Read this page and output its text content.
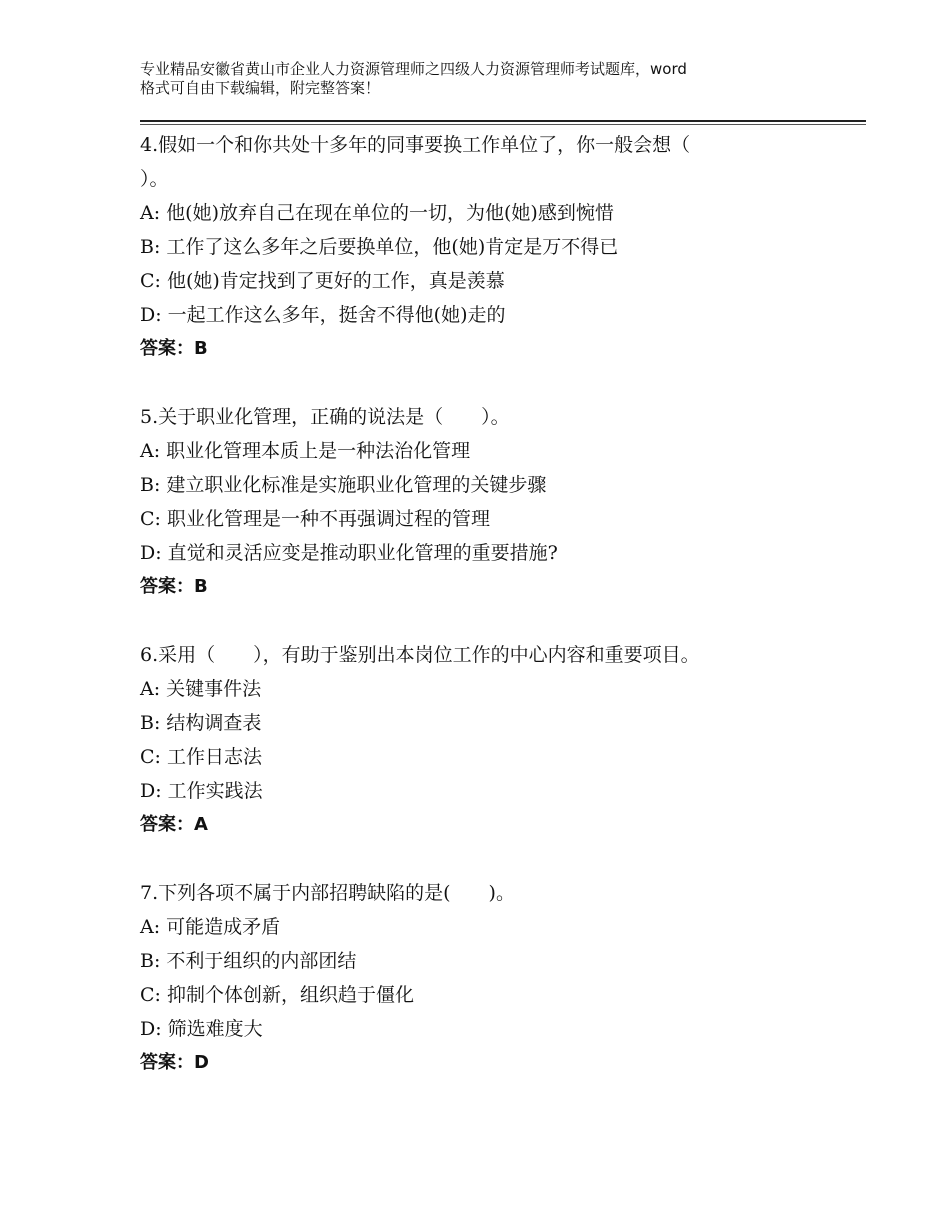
专业精品安徽省黄山市企业人力资源管理师之四级人力资源管理师考试题库，word
格式可自由下载编辑，附完整答案！
4.假如一个和你共处十多年的同事要换工作单位了，你一般会想（
）。
A: 他(她)放弃自己在现在单位的一切，为他(她)感到惋惜
B: 工作了这么多年之后要换单位，他(她)肯定是万不得已
C: 他(她)肯定找到了更好的工作，真是羡慕
D: 一起工作这么多年，挺舍不得他(她)走的
答案：B
5.关于职业化管理，正确的说法是（　　）。
A: 职业化管理本质上是一种法治化管理
B: 建立职业化标准是实施职业化管理的关键步骤
C: 职业化管理是一种不再强调过程的管理
D: 直觉和灵活应变是推动职业化管理的重要措施?
答案：B
6.采用（　　），有助于鉴别出本岗位工作的中心内容和重要项目。
A: 关键事件法
B: 结构调查表
C: 工作日志法
D: 工作实践法
答案：A
7.下列各项不属于内部招聘缺陷的是(　　)。
A: 可能造成矛盾
B: 不利于组织的内部团结
C: 抑制个体创新，组织趋于僵化
D: 筛选难度大
答案：D
